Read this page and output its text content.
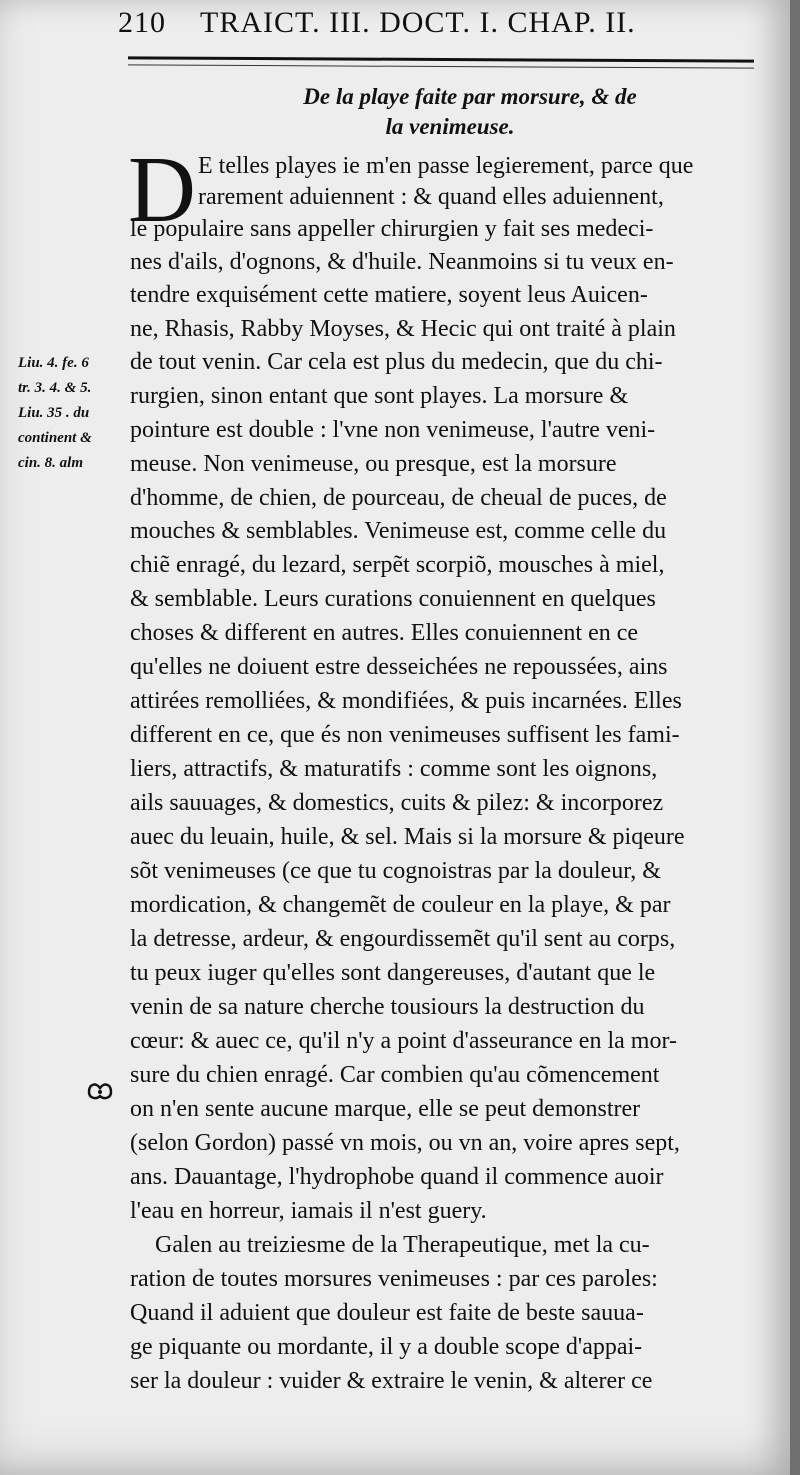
210 TRAICT. III. DOCT. I. CHAP. II.
De la playe faite par morsure, & de
la venimeuse.
D E telles playes ie m'en passe legierement, parce que
rarement aduiennent : & quand elles aduiennent,
le populaire sans appeller chirurgien y fait ses medeci-
nes d'ails, d'ognons, & d'huile. Neanmoins si tu veux en-
tendre exquisément cette matiere, soyent leus Auicen-
ne, Rhasis, Rabby Moyses, & Hecic qui ont traité à plain
de tout venin. Car cela est plus du medecin, que du chi-
rurgien, sinon entant que sont playes. La morsure &
pointure est double : l'vne non venimeuse, l'autre veni-
meuse. Non venimeuse, ou presque, est la morsure
d'homme, de chien, de pourceau, de cheual de puces, de
mouches & semblables. Venimeuse est, comme celle du
chiẽ enragé, du lezard, serpẽt scorpiõ, mousches à miel,
& semblable. Leurs curations conuiennent en quelques
choses & different en autres. Elles conuiennent en ce
qu'elles ne doiuent estre desseichées ne repoussées, ains
attirées remolliées, & mondifiées, & puis incarnées. Elles
different en ce, que és non venimeuses suffisent les fami-
liers, attractifs, & maturatifs : comme sont les oignons,
ails sauuages, & domestics, cuits & pilez: & incorporez
auec du leuain, huile, & sel. Mais si la morsure & piqeure
sõt venimeuses (ce que tu cognoistras par la douleur, &
mordication, & changemẽt de couleur en la playe, & par
la detresse, ardeur, & engourdissemẽt qu'il sent au corps,
tu peux iuger qu'elles sont dangereuses, d'autant que le
venin de sa nature cherche tousiours la destruction du
cœur: & auec ce, qu'il n'y a point d'asseurance en la mor-
sure du chien enragé. Car combien qu'au cõmencement
on n'en sente aucune marque, elle se peut demonstrer
(selon Gordon) passé vn mois, ou vn an, voire apres sept,
ans. Dauantage, l'hydrophobe quand il commence auoir
l'eau en horreur, iamais il n'est guery.
Galen au treiziesme de la Therapeutique, met la cu-
ration de toutes morsures venimeuses : par ces paroles:
Quand il aduient que douleur est faite de beste sauua-
ge piquante ou mordante, il y a double scope d'appai-
ser la douleur : vuider & extraire le venin, & alterer ce
Liu. 4. fe. 6
tr. 3. 4. & 5.
Liu. 35 . du
continent &
cin. 8. alm
